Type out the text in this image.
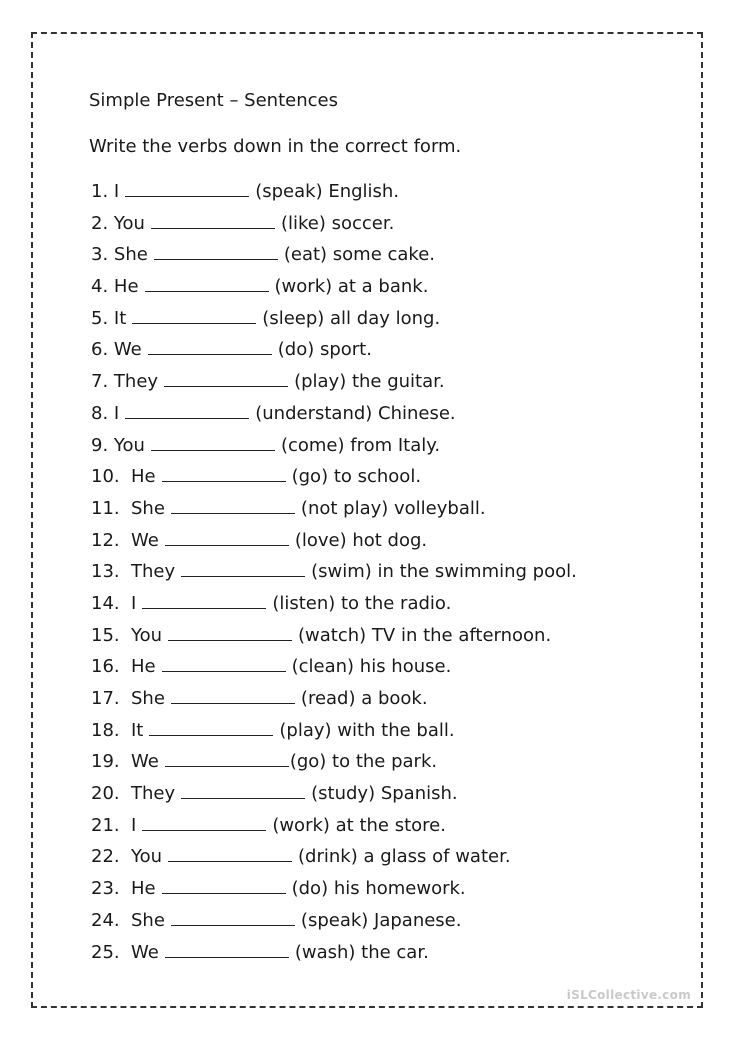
Simple Present – Sentences
Write the verbs down in the correct form.
1.
I	(speak) English.
2.
You	(like) soccer.
3.
She	(eat) some cake.
4.
He	(work) at a bank.
5.
It	(sleep) all day long.
6.
We	(do) sport.
7.
They	(play) the guitar.
8.
I	(understand) Chinese.
9.
You	(come) from Italy.
10. He	(go) to school.
11. She	(not play) volleyball.
12. We	(love) hot dog.
13. They	(swim) in the swimming pool.
14. I	(listen) to the radio.
15. You	(watch) TV in the afternoon.
16. He	(clean) his house.
17. She	(read) a book.
18. It	(play) with the ball.
19. We	(go) to the park.
20. They	(study) Spanish.
21. I	(work) at the store.
22. You	(drink) a glass of water.
23. He	(do) his homework.
24. She	(speak) Japanese.
25. We	(wash) the car.
iSLCollective.com
